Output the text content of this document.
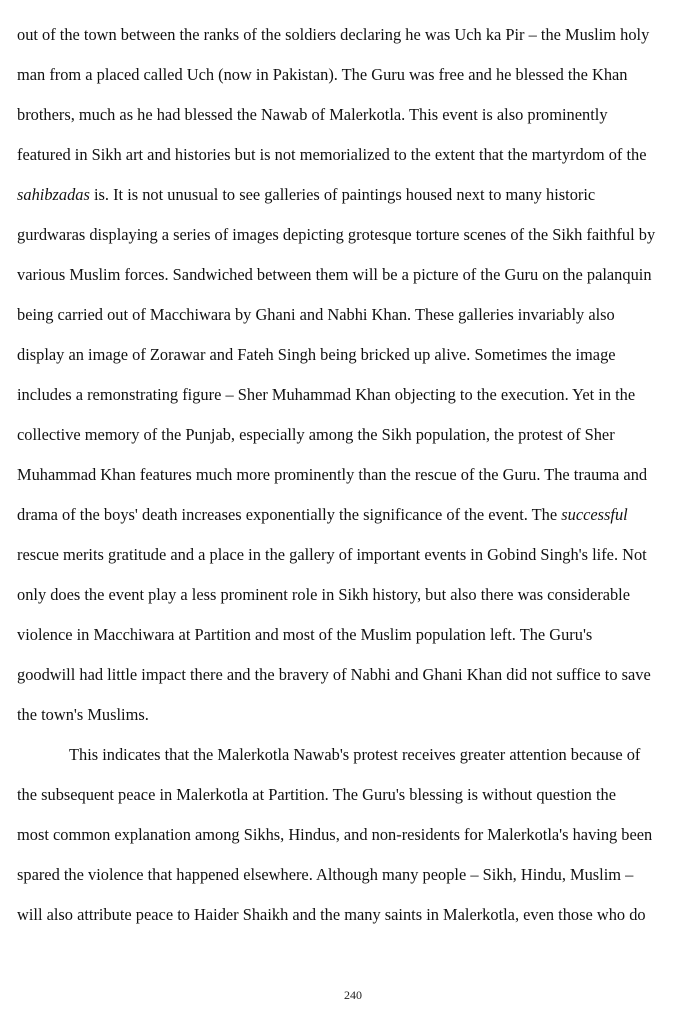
out of the town between the ranks of the soldiers declaring he was Uch ka Pir – the Muslim holy
man from a placed called Uch (now in Pakistan). The Guru was free and he blessed the Khan
brothers, much as he had blessed the Nawab of Malerkotla. This event is also prominently
featured in Sikh art and histories but is not memorialized to the extent that the martyrdom of the
sahibzadas is. It is not unusual to see galleries of paintings housed next to many historic
gurdwaras displaying a series of images depicting grotesque torture scenes of the Sikh faithful by
various Muslim forces. Sandwiched between them will be a picture of the Guru on the palanquin
being carried out of Macchiwara by Ghani and Nabhi Khan. These galleries invariably also
display an image of Zorawar and Fateh Singh being bricked up alive. Sometimes the image
includes a remonstrating figure – Sher Muhammad Khan objecting to the execution. Yet in the
collective memory of the Punjab, especially among the Sikh population, the protest of Sher
Muhammad Khan features much more prominently than the rescue of the Guru. The trauma and
drama of the boys' death increases exponentially the significance of the event. The successful
rescue merits gratitude and a place in the gallery of important events in Gobind Singh's life. Not
only does the event play a less prominent role in Sikh history, but also there was considerable
violence in Macchiwara at Partition and most of the Muslim population left. The Guru's
goodwill had little impact there and the bravery of Nabhi and Ghani Khan did not suffice to save
the town's Muslims.
This indicates that the Malerkotla Nawab's protest receives greater attention because of
the subsequent peace in Malerkotla at Partition. The Guru's blessing is without question the
most common explanation among Sikhs, Hindus, and non-residents for Malerkotla's having been
spared the violence that happened elsewhere. Although many people – Sikh, Hindu, Muslim –
will also attribute peace to Haider Shaikh and the many saints in Malerkotla, even those who do
240
